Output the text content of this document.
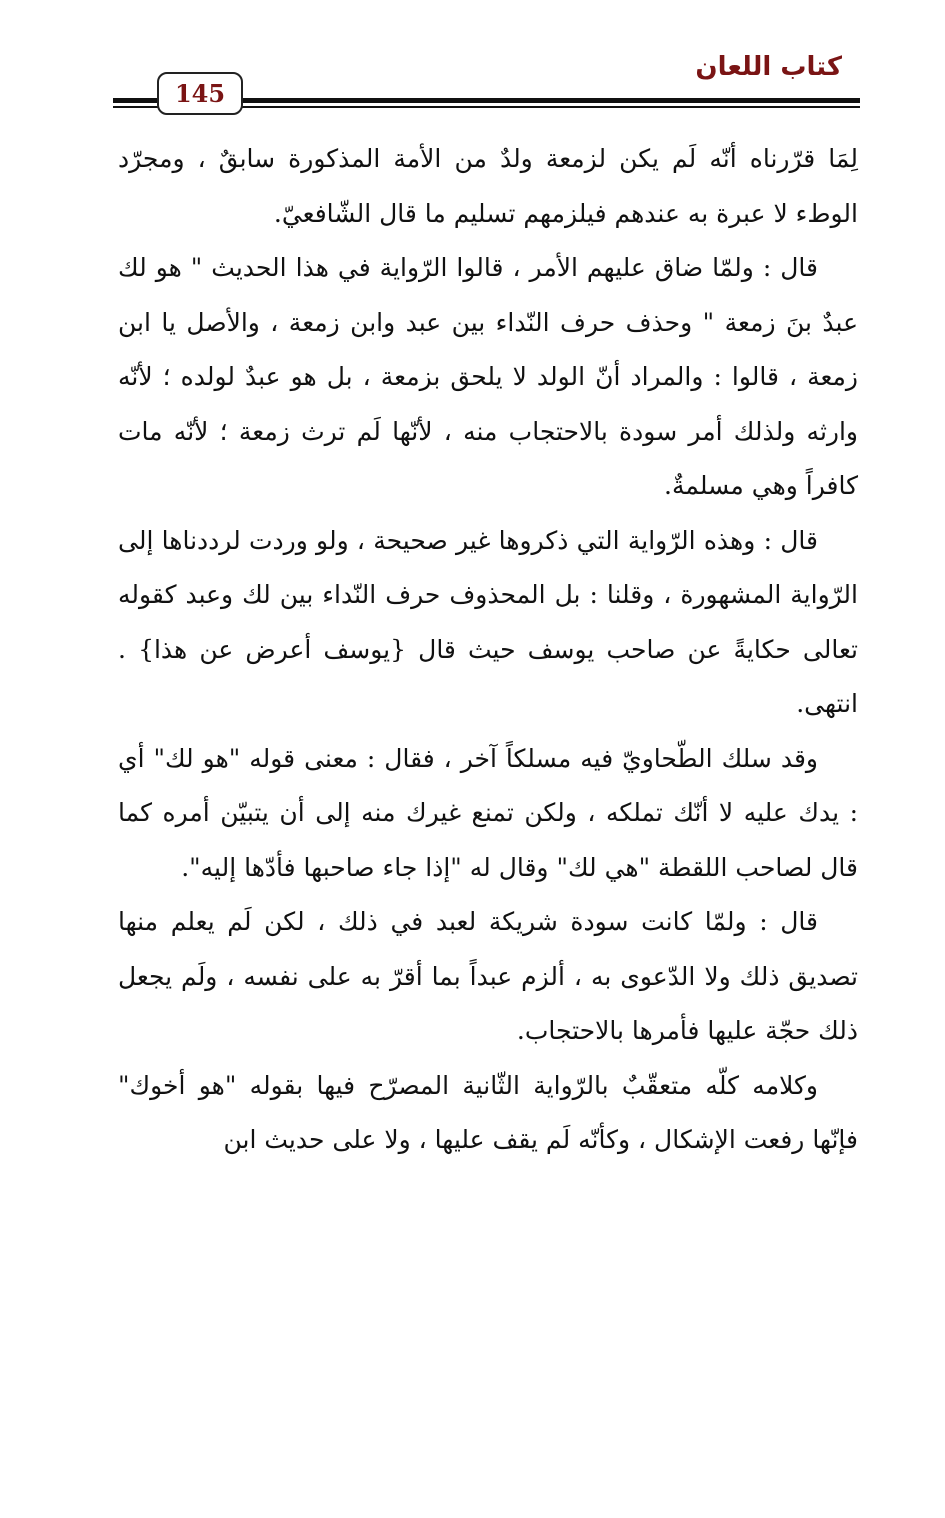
كتاب اللعان
145

لِمَا قرّرناه أنّه لَم يكن لزمعة ولدٌ من الأمة المذكورة سابقٌ ، ومجرّد الوطء لا عبرة به عندهم فيلزمهم تسليم ما قال الشّافعيّ.

قال : ولمّا ضاق عليهم الأمر ، قالوا الرّواية في هذا الحديث " هو لك عبدٌ بنَ زمعة " وحذف حرف النّداء بين عبد وابن زمعة ، والأصل يا ابن زمعة ، قالوا : والمراد أنّ الولد لا يلحق بزمعة ، بل هو عبدٌ لولده ؛ لأنّه وارثه ولذلك أمر سودة بالاحتجاب منه ، لأنّها لَم ترث زمعة ؛ لأنّه مات كافراً وهي مسلمةٌ.

قال : وهذه الرّواية التي ذكروها غير صحيحة ، ولو وردت لرددناها إلى الرّواية المشهورة ، وقلنا : بل المحذوف حرف النّداء بين لك وعبد كقوله تعالى حكايةً عن صاحب يوسف حيث قال {يوسف أعرض عن هذا} . انتهى.

وقد سلك الطّحاويّ فيه مسلكاً آخر ، فقال : معنى قوله "هو لك" أي : يدك عليه لا أنّك تملكه ، ولكن تمنع غيرك منه إلى أن يتبيّن أمره كما قال لصاحب اللقطة "هي لك" وقال له "إذا جاء صاحبها فأدّها إليه".

قال : ولمّا كانت سودة شريكة لعبد في ذلك ، لكن لَم يعلم منها تصديق ذلك ولا الدّعوى به ، ألزم عبداً بما أقرّ به على نفسه ، ولَم يجعل ذلك حجّة عليها فأمرها بالاحتجاب.

وكلامه كلّه متعقّبٌ بالرّواية الثّانية المصرّح فيها بقوله "هو أخوك" فإنّها رفعت الإشكال ، وكأنّه لَم يقف عليها ، ولا على حديث ابن
